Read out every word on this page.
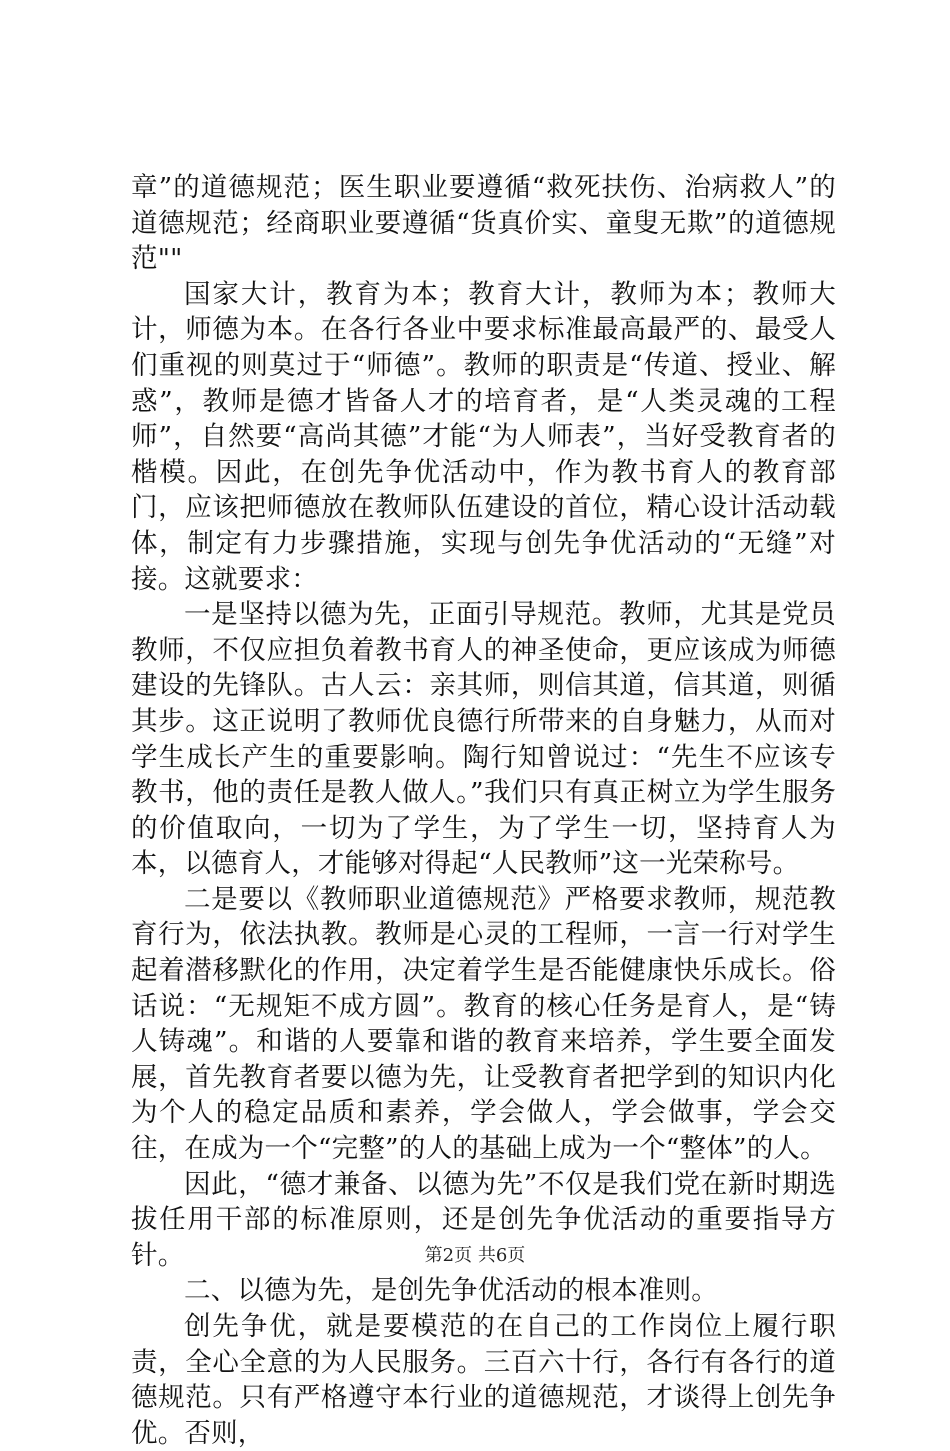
章”的道德规范；医生职业要遵循“救死扶伤、治病救人”的道德规范；经商职业要遵循“货真价实、童叟无欺”的道德规范""

国家大计，教育为本；教育大计，教师为本；教师大计，师德为本。在各行各业中要求标准最高最严的、最受人们重视的则莫过于“师德”。教师的职责是“传道、授业、解惑”，教师是德才皆备人才的培育者，是“人类灵魂的工程师”，自然要“高尚其德”才能“为人师表”，当好受教育者的楷模。因此，在创先争优活动中，作为教书育人的教育部门，应该把师德放在教师队伍建设的首位，精心设计活动载体，制定有力步骤措施，实现与创先争优活动的“无缝”对接。这就要求：

一是坚持以德为先，正面引导规范。教师，尤其是党员教师，不仅应担负着教书育人的神圣使命，更应该成为师德建设的先锋队。古人云：亲其师，则信其道，信其道，则循其步。这正说明了教师优良德行所带来的自身魅力，从而对学生成长产生的重要影响。陶行知曾说过：“先生不应该专教书，他的责任是教人做人。”我们只有真正树立为学生服务的价值取向，一切为了学生，为了学生一切，坚持育人为本，以德育人，才能够对得起“人民教师”这一光荣称号。

二是要以《教师职业道德规范》严格要求教师，规范教育行为，依法执教。教师是心灵的工程师，一言一行对学生起着潜移默化的作用，决定着学生是否能健康快乐成长。俗话说：“无规矩不成方圆”。教育的核心任务是育人，是“铸人铸魂”。和谐的人要靠和谐的教育来培养，学生要全面发展，首先教育者要以德为先，让受教育者把学到的知识内化为个人的稳定品质和素养，学会做人，学会做事，学会交往，在成为一个“完整”的人的基础上成为一个“整体”的人。

因此，“德才兼备、以德为先”不仅是我们党在新时期选拔任用干部的标准原则，还是创先争优活动的重要指导方针。

二、以德为先，是创先争优活动的根本准则。

创先争优，就是要模范的在自己的工作岗位上履行职责，全心全意的为人民服务。三百六十行，各行有各行的道德规范。只有严格遵守本行业的道德规范，才谈得上创先争优。否则，

第2页 共6页
